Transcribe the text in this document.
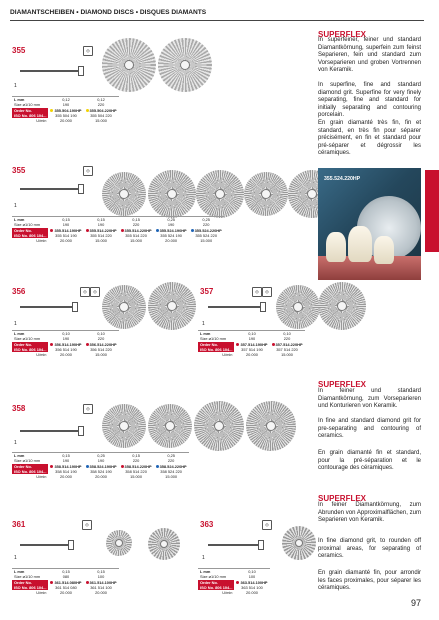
DIAMANTSCHEIBEN • DIAMOND DISCS • DISQUES DIAMANTS
355	◎
1
L mm	0,12	0,12
Size ⌀1/10 mm	190	220
Order No.	355.504.190HP	355.504.220HP
ISO No. 806 104...	355 504 190	355 504 220
U/min	20.000	15.000
355	◎
1
L mm	0,15	0,15	0,15	0,25	0,25
Size ⌀1/10 mm	190	190	220	190	220
Order No.	355.514.190HP	355.514.220HP	355.514.220HP	355.524.190HP	355.524.220HP
ISO No. 806 104...	355 514 190	355 514 220	355 514 220	355 524 190	355 524 220
U/min	20.000	15.000	15.000	20.000	15.000
355.524.220HP
356	◎	◎
1
L mm	0,10	0,10
Size ⌀1/10 mm	190	220
Order No.	356.514.190HP	356.514.220HP
ISO No. 806 104...	356 514 190	356 514 220
U/min	20.000	15.000
357	◎	◎
1
L mm	0,10	0,10
Size ⌀1/10 mm	190	220
Order No.	357.514.190HP	357.514.220HP
ISO No. 806 104...	357 514 190	357 514 220
U/min	20.000	15.000
358	◎
1
L mm	0,15	0,25	0,15	0,25
Size ⌀1/10 mm	190	190	220	220
Order No.	358.514.190HP	358.524.190HP	358.514.220HP	358.524.220HP
ISO No. 806 104...	358 514 190	358 524 190	358 514 220	358 524 220
U/min	20.000	20.000	15.000	15.000
361	◎
1
L mm	0,15	0,15
Size ⌀1/10 mm	080	100
Order No.	361.514.080HP	361.514.100HP
ISO No. 806 104...	361 514 080	361 514 100
U/min	20.000	20.000
363	◎
1
L mm	0,10
Size ⌀1/10 mm	100
Order No.	363.514.100HP
ISO No. 806 104...	363 514 100
U/min	20.000
SUPERFLEX

In superfeiner, feiner und standard Diamantkörnung, superfein zum feinst Separieren, fein und standard zum Vorseparieren und groben Vortrennen von Keramik.

In superfine, fine and standard diamond grit. Superfine for very finely separating, fine and standard for initially separating and contouring porcelain.

En grain diamanté très fin, fin et standard, en très fin pour séparer précisément, en fin et standard pour pré-séparer et dégrossir les céramiques.

SUPERFLEX

In feiner und standard Diamantkörnung, zum Vorseparieren und Konturieren von Keramik.

In fine and standard diamond grit for pre-separating and contouring of ceramics.

En grain diamanté fin et standard, pour la pré-séparation et le contourage des céramiques.

SUPERFLEX

In feiner Diamantkörnung, zum Abrunden von Approximalflächen, zum Separieren von Keramik.

In fine diamond grit, to rounden off proximal areas, for separating of ceramics.

En grain diamanté fin, pour arrondir les faces proximales, pour séparer les céramiques.

97
